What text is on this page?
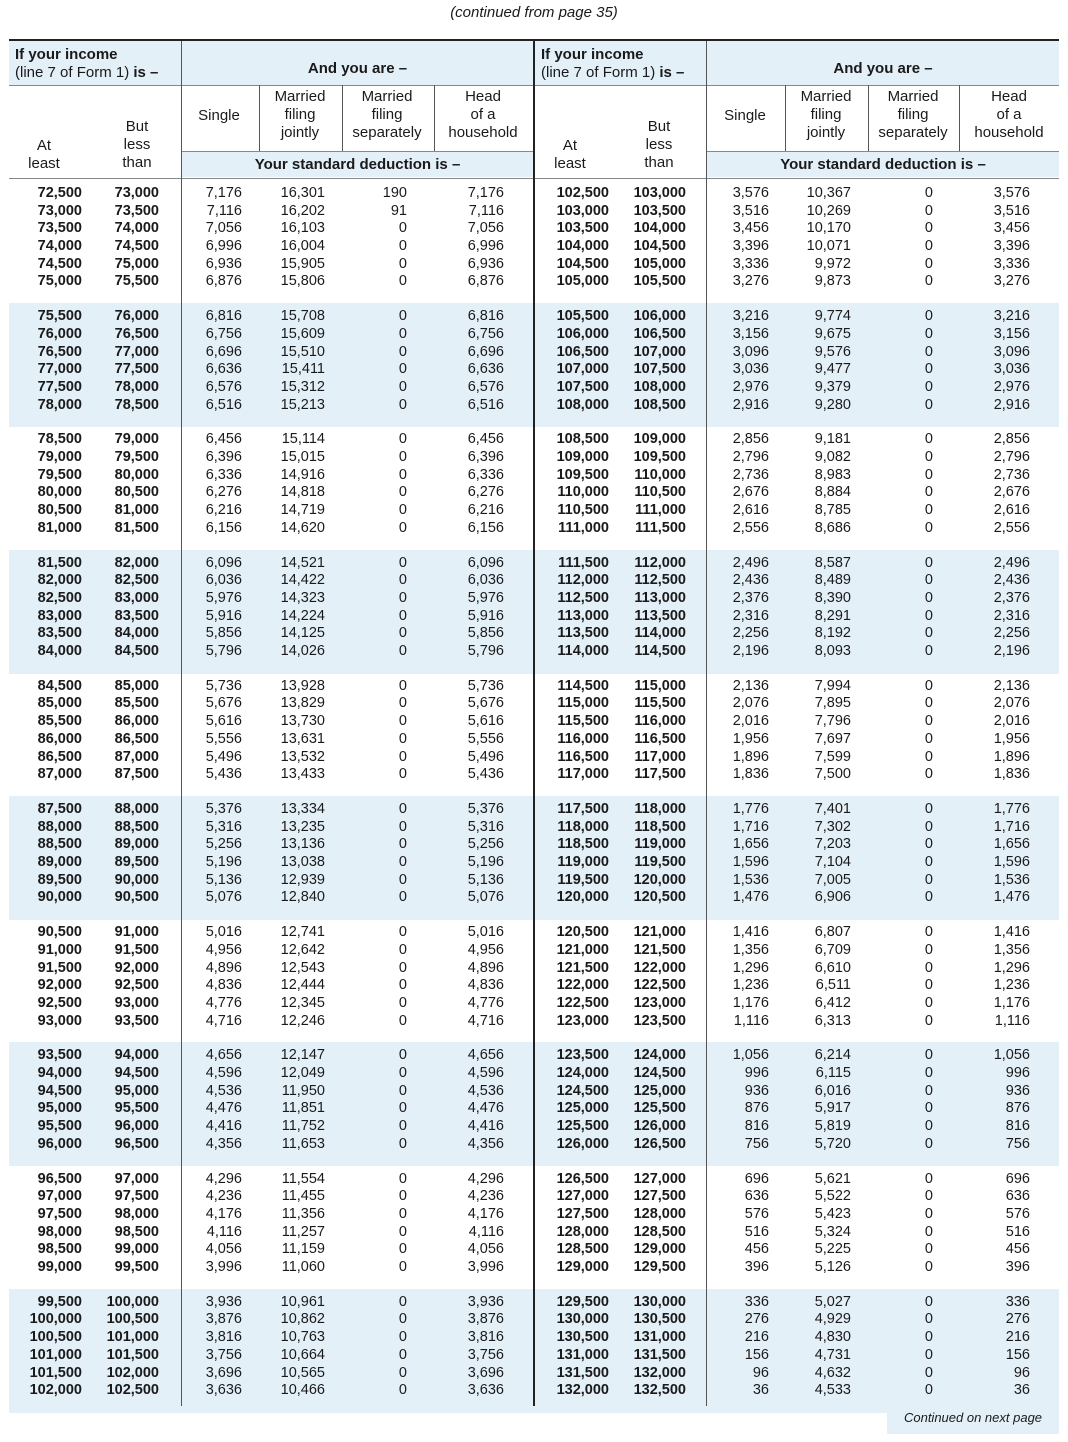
(continued from page 35)
If your income
(line 7 of Form 1) is –	And you are –
At
least
But
less
than
Single
Married
filing
jointly
Married
filing
separately
Head
of a
household
Your standard deduction is –
If your income
(line 7 of Form 1) is –	And you are –
At
least
But
less
than
Single
Married
filing
jointly
Married
filing
separately
Head
of a
household
Your standard deduction is –
72,500
73,000
73,500
74,000
74,500
75,000
73,000
73,500
74,000
74,500
75,000
75,500
7,176
7,116
7,056
6,996
6,936
6,876
16,301
16,202
16,103
16,004
15,905
15,806
190
91
0
0
0
0
7,176
7,116
7,056
6,996
6,936
6,876
102,500
103,000
103,500
104,000
104,500
105,000
103,000
103,500
104,000
104,500
105,000
105,500
3,576
3,516
3,456
3,396
3,336
3,276
10,367
10,269
10,170
10,071
9,972
9,873
0
0
0
0
0
0
3,576
3,516
3,456
3,396
3,336
3,276
75,500
76,000
76,500
77,000
77,500
78,000
76,000
76,500
77,000
77,500
78,000
78,500
6,816
6,756
6,696
6,636
6,576
6,516
15,708
15,609
15,510
15,411
15,312
15,213
0
0
0
0
0
0
6,816
6,756
6,696
6,636
6,576
6,516
105,500
106,000
106,500
107,000
107,500
108,000
106,000
106,500
107,000
107,500
108,000
108,500
3,216
3,156
3,096
3,036
2,976
2,916
9,774
9,675
9,576
9,477
9,379
9,280
0
0
0
0
0
0
3,216
3,156
3,096
3,036
2,976
2,916
78,500
79,000
79,500
80,000
80,500
81,000
79,000
79,500
80,000
80,500
81,000
81,500
6,456
6,396
6,336
6,276
6,216
6,156
15,114
15,015
14,916
14,818
14,719
14,620
0
0
0
0
0
0
6,456
6,396
6,336
6,276
6,216
6,156
108,500
109,000
109,500
110,000
110,500
111,000
109,000
109,500
110,000
110,500
111,000
111,500
2,856
2,796
2,736
2,676
2,616
2,556
9,181
9,082
8,983
8,884
8,785
8,686
0
0
0
0
0
0
2,856
2,796
2,736
2,676
2,616
2,556
81,500
82,000
82,500
83,000
83,500
84,000
82,000
82,500
83,000
83,500
84,000
84,500
6,096
6,036
5,976
5,916
5,856
5,796
14,521
14,422
14,323
14,224
14,125
14,026
0
0
0
0
0
0
6,096
6,036
5,976
5,916
5,856
5,796
111,500
112,000
112,500
113,000
113,500
114,000
112,000
112,500
113,000
113,500
114,000
114,500
2,496
2,436
2,376
2,316
2,256
2,196
8,587
8,489
8,390
8,291
8,192
8,093
0
0
0
0
0
0
2,496
2,436
2,376
2,316
2,256
2,196
84,500
85,000
85,500
86,000
86,500
87,000
85,000
85,500
86,000
86,500
87,000
87,500
5,736
5,676
5,616
5,556
5,496
5,436
13,928
13,829
13,730
13,631
13,532
13,433
0
0
0
0
0
0
5,736
5,676
5,616
5,556
5,496
5,436
114,500
115,000
115,500
116,000
116,500
117,000
115,000
115,500
116,000
116,500
117,000
117,500
2,136
2,076
2,016
1,956
1,896
1,836
7,994
7,895
7,796
7,697
7,599
7,500
0
0
0
0
0
0
2,136
2,076
2,016
1,956
1,896
1,836
87,500
88,000
88,500
89,000
89,500
90,000
88,000
88,500
89,000
89,500
90,000
90,500
5,376
5,316
5,256
5,196
5,136
5,076
13,334
13,235
13,136
13,038
12,939
12,840
0
0
0
0
0
0
5,376
5,316
5,256
5,196
5,136
5,076
117,500
118,000
118,500
119,000
119,500
120,000
118,000
118,500
119,000
119,500
120,000
120,500
1,776
1,716
1,656
1,596
1,536
1,476
7,401
7,302
7,203
7,104
7,005
6,906
0
0
0
0
0
0
1,776
1,716
1,656
1,596
1,536
1,476
90,500
91,000
91,500
92,000
92,500
93,000
91,000
91,500
92,000
92,500
93,000
93,500
5,016
4,956
4,896
4,836
4,776
4,716
12,741
12,642
12,543
12,444
12,345
12,246
0
0
0
0
0
0
5,016
4,956
4,896
4,836
4,776
4,716
120,500
121,000
121,500
122,000
122,500
123,000
121,000
121,500
122,000
122,500
123,000
123,500
1,416
1,356
1,296
1,236
1,176
1,116
6,807
6,709
6,610
6,511
6,412
6,313
0
0
0
0
0
0
1,416
1,356
1,296
1,236
1,176
1,116
93,500
94,000
94,500
95,000
95,500
96,000
94,000
94,500
95,000
95,500
96,000
96,500
4,656
4,596
4,536
4,476
4,416
4,356
12,147
12,049
11,950
11,851
11,752
11,653
0
0
0
0
0
0
4,656
4,596
4,536
4,476
4,416
4,356
123,500
124,000
124,500
125,000
125,500
126,000
124,000
124,500
125,000
125,500
126,000
126,500
1,056
996
936
876
816
756
6,214
6,115
6,016
5,917
5,819
5,720
0
0
0
0
0
0
1,056
996
936
876
816
756
96,500
97,000
97,500
98,000
98,500
99,000
97,000
97,500
98,000
98,500
99,000
99,500
4,296
4,236
4,176
4,116
4,056
3,996
11,554
11,455
11,356
11,257
11,159
11,060
0
0
0
0
0
0
4,296
4,236
4,176
4,116
4,056
3,996
126,500
127,000
127,500
128,000
128,500
129,000
127,000
127,500
128,000
128,500
129,000
129,500
696
636
576
516
456
396
5,621
5,522
5,423
5,324
5,225
5,126
0
0
0
0
0
0
696
636
576
516
456
396
99,500
100,000
100,500
101,000
101,500
102,000
100,000
100,500
101,000
101,500
102,000
102,500
3,936
3,876
3,816
3,756
3,696
3,636
10,961
10,862
10,763
10,664
10,565
10,466
0
0
0
0
0
0
3,936
3,876
3,816
3,756
3,696
3,636
129,500
130,000
130,500
131,000
131,500
132,000
130,000
130,500
131,000
131,500
132,000
132,500
336
276
216
156
96
36
5,027
4,929
4,830
4,731
4,632
4,533
0
0
0
0
0
0
336
276
216
156
96
36
Continued on next page
